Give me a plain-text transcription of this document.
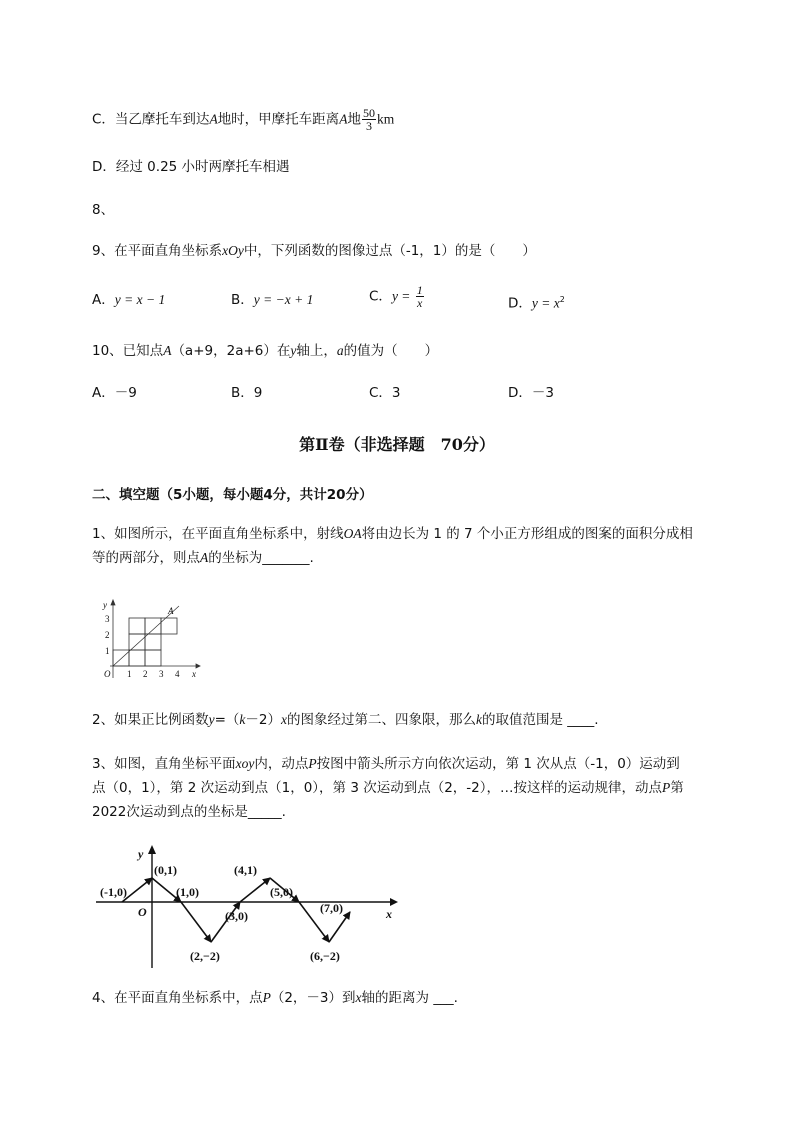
C．当乙摩托车到达A地时，甲摩托车距离A地 $\frac{50}{3}$ km
D．经过 0.25 小时两摩托车相遇
8、
9、在平面直角坐标系xOy中，下列函数的图像过点（-1，1）的是（　　）
A．y = x − 1	B．y = −x + 1	C．$y = \frac{1}{x}$	D．$y = x^2$
10、已知点A（a+9，2a+6）在y轴上，a的值为（　　）
A．－9	B．9	C．3	D．－3
第Ⅱ卷（非选择题　70分）
二、填空题（5小题，每小题4分，共计20分）
1、如图所示，在平面直角坐标系中，射线OA将由边长为 1 的 7 个小正方形组成的图案的面积分成相
等的两部分，则点A的坐标为_______.
y
A
O	x
1 2 3 4
1
2
3
2、如果正比例函数y=（k－2）x的图象经过第二、四象限，那么k的取值范围是 ____.
3、如图，直角坐标平面xoy内，动点P按图中箭头所示方向依次运动，第 1 次从点（-1，0）运动到
点（0，1），第 2 次运动到点（1，0），第 3 次运动到点（2，-2），…按这样的运动规律，动点P第
2022次运动到点的坐标是_____.
y
x
O
(-1,0)
(0,1)
(1,0)
(2,−2)
(3,0)
(4,1)
(5,0)
(6,−2)
(7,0)
4、在平面直角坐标系中，点P（2，－3）到x轴的距离为 ___.
